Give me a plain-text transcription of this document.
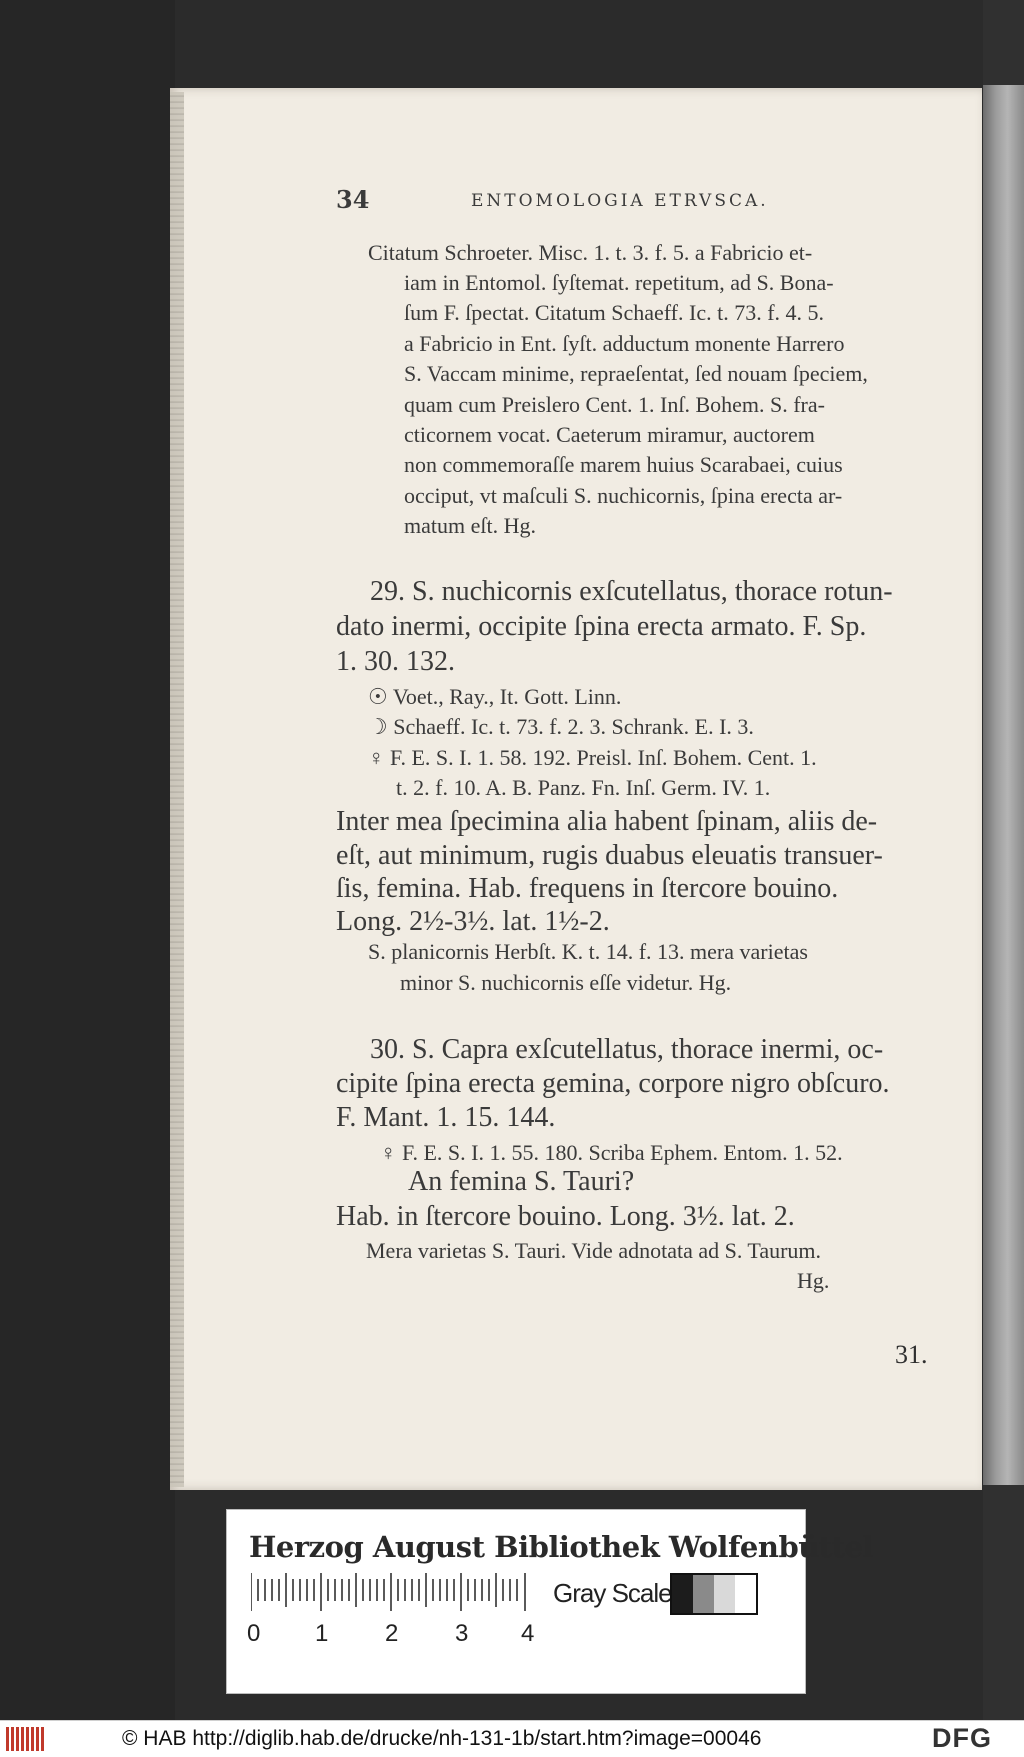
34	ENTOMOLOGIA ETRVSCA.
Citatum Schroeter. Misc. 1. t. 3. f. 5. a Fabricio et-
iam in Entomol. ſyſtemat. repetitum, ad S. Bona-
ſum F. ſpectat. Citatum Schaeff. Ic. t. 73. f. 4. 5.
a Fabricio in Ent. ſyſt. adductum monente Harrero
S. Vaccam minime, repraeſentat, ſed nouam ſpeciem,
quam cum Preislero Cent. 1. Inſ. Bohem. S. fra-
cticornem vocat. Caeterum miramur, auctorem
non commemoraſſe marem huius Scarabaei, cuius
occiput, vt maſculi S. nuchicornis, ſpina erecta ar-
matum eſt. Hg.
29. S. nuchicornis exſcutellatus, thorace rotun-
dato inermi, occipite ſpina erecta armato. F. Sp.
1. 30. 132.
☉ Voet., Ray., It. Gott. Linn.
☽ Schaeff. Ic. t. 73. f. 2. 3. Schrank. E. I. 3.
♀ F. E. S. I. 1. 58. 192. Preisl. Inſ. Bohem. Cent. 1.
t. 2. f. 10. A. B. Panz. Fn. Inſ. Germ. IV. 1.
Inter mea ſpecimina alia habent ſpinam, aliis de-
eſt, aut minimum, rugis duabus eleuatis transuer-
ſis, femina. Hab. frequens in ſtercore bouino.
Long. 2½-3½. lat. 1½-2.
S. planicornis Herbſt. K. t. 14. f. 13. mera varietas
minor S. nuchicornis eſſe videtur. Hg.
30. S. Capra exſcutellatus, thorace inermi, oc-
cipite ſpina erecta gemina, corpore nigro obſcuro.
F. Mant. 1. 15. 144.
♀ F. E. S. I. 1. 55. 180. Scriba Ephem. Entom. 1. 52.
An femina S. Tauri?
Hab. in ſtercore bouino. Long. 3½. lat. 2.
Mera varietas S. Tauri. Vide adnotata ad S. Taurum.
Hg.
31.
Herzog August Bibliothek Wolfenbüttel
0 1 2 3 4
Gray Scale
© HAB http://diglib.hab.de/drucke/nh-131-1b/start.htm?image=00046	DFG
